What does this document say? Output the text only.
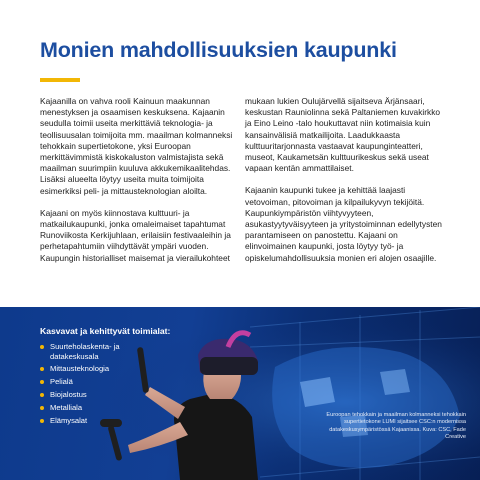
Monien mahdollisuuksien kaupunki

Kajaanilla on vahva rooli Kainuun maakunnan menestyksen ja osaamisen keskuksena. Kajaanin seudulla toimii useita merkittäviä teknologia- ja teollisuusalan toimijoita mm. maailman kolmanneksi tehokkain supertietokone, yksi Euroopan merkittävimmistä kiskokaluston valmistajista sekä maailman suurimpiin kuuluva akkukemikaalitehdas. Lisäksi alueelta löytyy useita muita toimijoita esimerkiksi peli- ja mittausteknologian aloilta.

Kajaani on myös kiinnostava kulttuuri- ja matkailukaupunki, jonka omaleimaiset tapahtumat Runoviikosta Kerkijuhlaan, erilaisiin festivaaleihin ja perhetapahtumiin viihdyttävät ympäri vuoden. Kaupungin historialliset maisemat ja vierailukohteet

mukaan lukien Oulujärvellä sijaitseva Ärjänsaari, keskustan Rauniolinna sekä Paltaniemen kuvakirkko ja Eino Leino -talo houkuttavat niin kotimaisia kuin kansainvälisiä matkailijoita. Laadukkaasta kulttuuritarjonnasta vastaavat kaupunginteatteri, museot, Kaukametsän kulttuurikeskus sekä useat vapaan kentän ammattilaiset.

Kajaanin kaupunki tukee ja kehittää laajasti vetovoiman, pitovoiman ja kilpailukyvyn tekijöitä. Kaupunkiympäristön viihtyvyyteen, asukastyytyväisyyteen ja yritystoiminnan edellytysten parantamiseen on panostettu. Kajaani on elinvoimainen kaupunki, josta löytyy työ- ja opiskelumahdollisuuksia monien eri alojen osaajille.

Kasvavat ja kehittyvät toimialat:
Suurteholaskenta- ja datakeskusala
Mittausteknologia
Pelialä
Biojalostus
Metalliala
Elämysalat
Euroopan tehokkain ja maailman kolmanneksi tehokkain supertietokone LUMI sijaitsee CSC:n modernissa datakeskusympäristössä Kajaanissa. Kuva: CSC, Fade Creative
